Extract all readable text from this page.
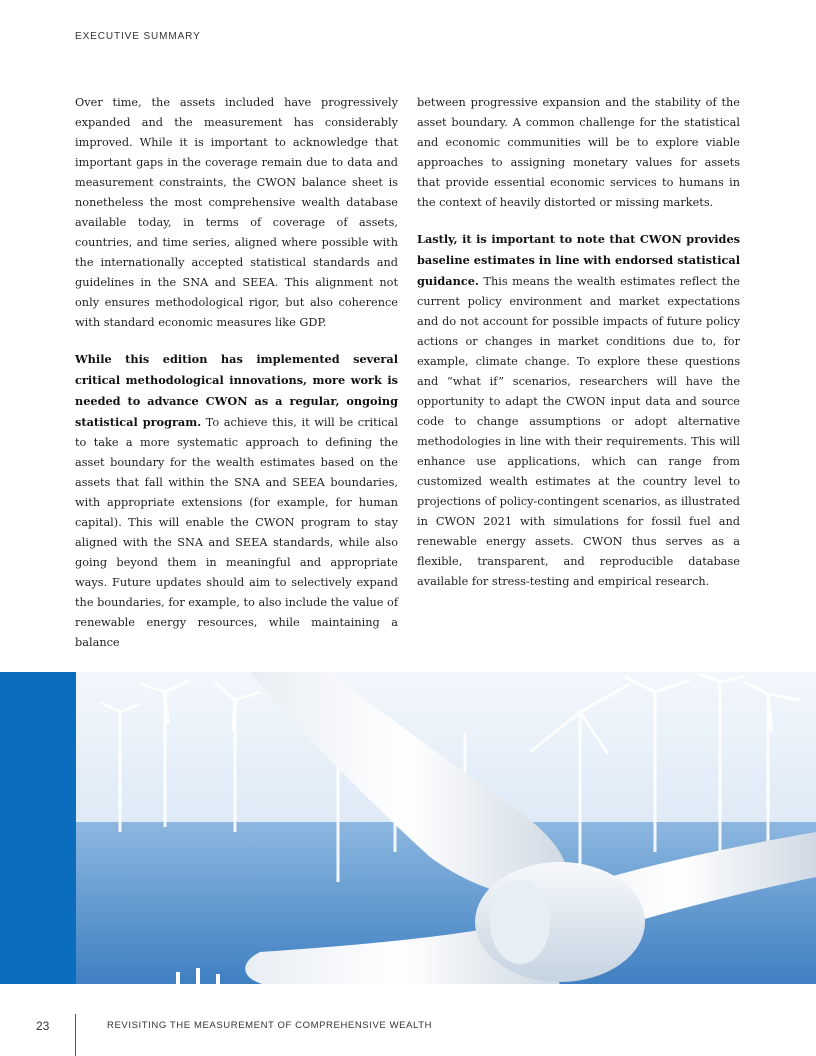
EXECUTIVE SUMMARY

Over time, the assets included have progressively expanded and the measurement has considerably improved. While it is important to acknowledge that important gaps in the coverage remain due to data and measurement constraints, the CWON balance sheet is nonetheless the most comprehensive wealth database available today, in terms of coverage of assets, countries, and time series, aligned where possible with the internationally accepted statistical standards and guidelines in the SNA and SEEA. This alignment not only ensures methodological rigor, but also coherence with standard economic measures like GDP.

While this edition has implemented several critical methodological innovations, more work is needed to advance CWON as a regular, ongoing statistical program. To achieve this, it will be critical to take a more systematic approach to defining the asset boundary for the wealth estimates based on the assets that fall within the SNA and SEEA boundaries, with appropriate extensions (for example, for human capital). This will enable the CWON program to stay aligned with the SNA and SEEA standards, while also going beyond them in meaningful and appropriate ways. Future updates should aim to selectively expand the boundaries, for example, to also include the value of renewable energy resources, while maintaining a balance

between progressive expansion and the stability of the asset boundary. A common challenge for the statistical and economic communities will be to explore viable approaches to assigning monetary values for assets that provide essential economic services to humans in the context of heavily distorted or missing markets.

Lastly, it is important to note that CWON provides baseline estimates in line with endorsed statistical guidance. This means the wealth estimates reflect the current policy environment and market expectations and do not account for possible impacts of future policy actions or changes in market conditions due to, for example, climate change. To explore these questions and “what if” scenarios, researchers will have the opportunity to adapt the CWON input data and source code to change assumptions or adopt alternative methodologies in line with their requirements. This will enhance use applications, which can range from customized wealth estimates at the country level to projections of policy-contingent scenarios, as illustrated in CWON 2021 with simulations for fossil fuel and renewable energy assets. CWON thus serves as a flexible, transparent, and reproducible database available for stress-testing and empirical research.

23	REVISITING THE MEASUREMENT OF COMPREHENSIVE WEALTH
